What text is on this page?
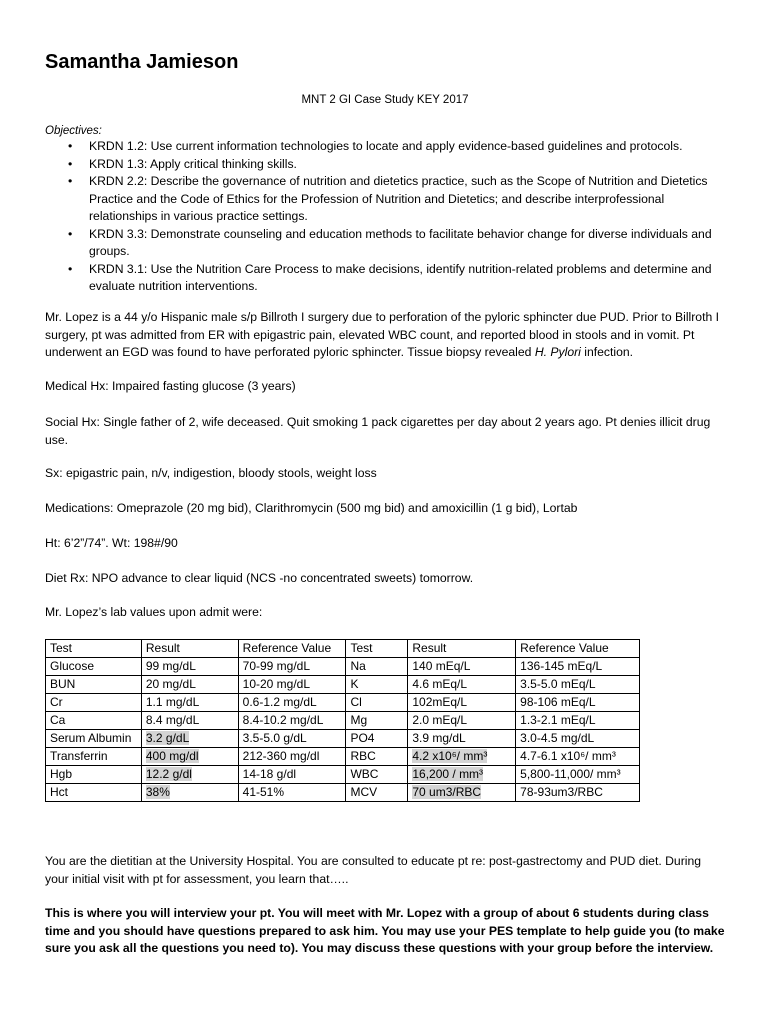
Samantha Jamieson
MNT 2 GI Case Study KEY 2017
Objectives:
• KRDN 1.2: Use current information technologies to locate and apply evidence-based guidelines and protocols.
• KRDN 1.3: Apply critical thinking skills.
• KRDN 2.2: Describe the governance of nutrition and dietetics practice, such as the Scope of Nutrition and Dietetics Practice and the Code of Ethics for the Profession of Nutrition and Dietetics; and describe interprofessional relationships in various practice settings.
• KRDN 3.3: Demonstrate counseling and education methods to facilitate behavior change for diverse individuals and groups.
• KRDN 3.1: Use the Nutrition Care Process to make decisions, identify nutrition-related problems and determine and evaluate nutrition interventions.

Mr. Lopez is a 44 y/o Hispanic male s/p Billroth I surgery due to perforation of the pyloric sphincter due PUD. Prior to Billroth I surgery, pt was admitted from ER with epigastric pain, elevated WBC count, and reported blood in stools and in vomit. Pt underwent an EGD was found to have perforated pyloric sphincter. Tissue biopsy revealed H. Pylori infection.

Medical Hx: Impaired fasting glucose (3 years)

Social Hx: Single father of 2, wife deceased. Quit smoking 1 pack cigarettes per day about 2 years ago. Pt denies illicit drug use.

Sx: epigastric pain, n/v, indigestion, bloody stools, weight loss

Medications: Omeprazole (20 mg bid), Clarithromycin (500 mg bid) and amoxicillin (1 g bid), Lortab

Ht: 6’2”/74”. Wt: 198#/90

Diet Rx: NPO advance to clear liquid (NCS -no concentrated sweets) tomorrow.

Mr. Lopez’s lab values upon admit were:

Test	Result	Reference Value	Test	Result	Reference Value
Glucose	99 mg/dL	70-99 mg/dL	Na	140 mEq/L	136-145 mEq/L
BUN	20 mg/dL	10-20 mg/dL	K	4.6 mEq/L	3.5-5.0 mEq/L
Cr	1.1 mg/dL	0.6-1.2 mg/dL	Cl	102mEq/L	98-106 mEq/L
Ca	8.4 mg/dL	8.4-10.2 mg/dL	Mg	2.0 mEq/L	1.3-2.1 mEq/L
Serum Albumin	3.2 g/dL	3.5-5.0 g/dL	PO4	3.9 mg/dL	3.0-4.5 mg/dL
Transferrin	400 mg/dl	212-360 mg/dl	RBC	4.2 x10⁶/ mm³	4.7-6.1 x10⁶/ mm³
Hgb	12.2 g/dl	14-18 g/dl	WBC	16,200 / mm³	5,800-11,000/ mm³
Hct	38%	41-51%	MCV	70 um3/RBC	78-93um3/RBC

You are the dietitian at the University Hospital. You are consulted to educate pt re: post-gastrectomy and PUD diet. During your initial visit with pt for assessment, you learn that…..

This is where you will interview your pt. You will meet with Mr. Lopez with a group of about 6 students during class time and you should have questions prepared to ask him. You may use your PES template to help guide you (to make sure you ask all the questions you need to). You may discuss these questions with your group before the interview.
